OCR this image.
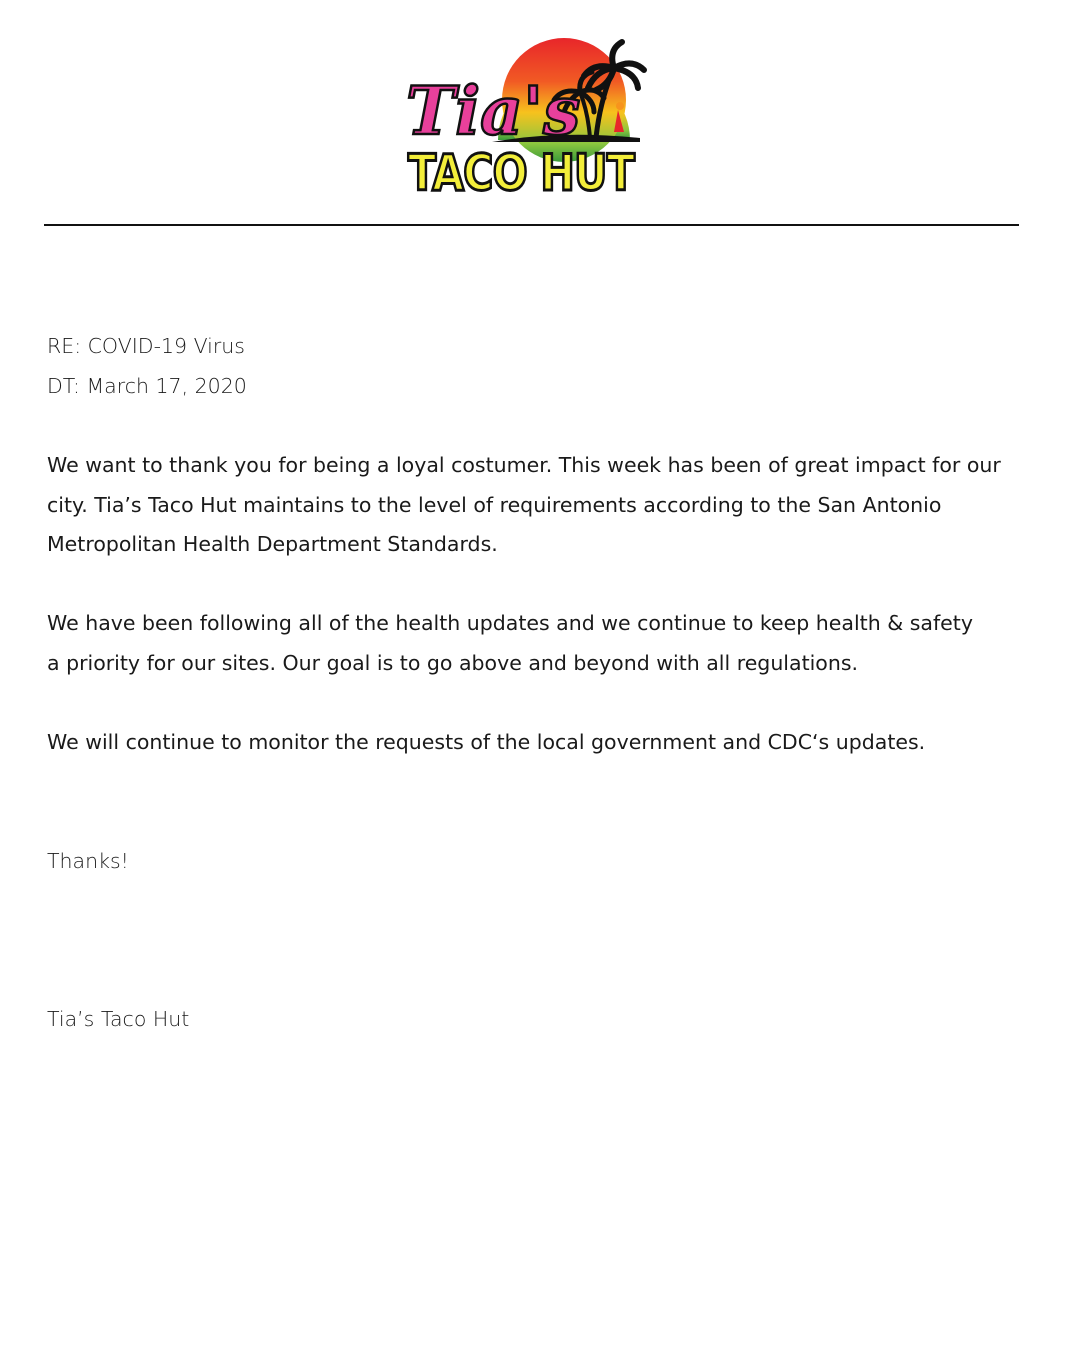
Tia's
TACO HUT
RE: COVID-19 Virus
DT: March 17, 2020
We want to thank you for being a loyal costumer. This week has been of great impact for our
city. Tia’s Taco Hut maintains to the level of requirements according to the San Antonio
Metropolitan Health Department Standards.
We have been following all of the health updates and we continue to keep health & safety
a priority for our sites. Our goal is to go above and beyond with all regulations.
We will continue to monitor the requests of the local government and CDC‘s updates.
Thanks!
Tia’s Taco Hut
